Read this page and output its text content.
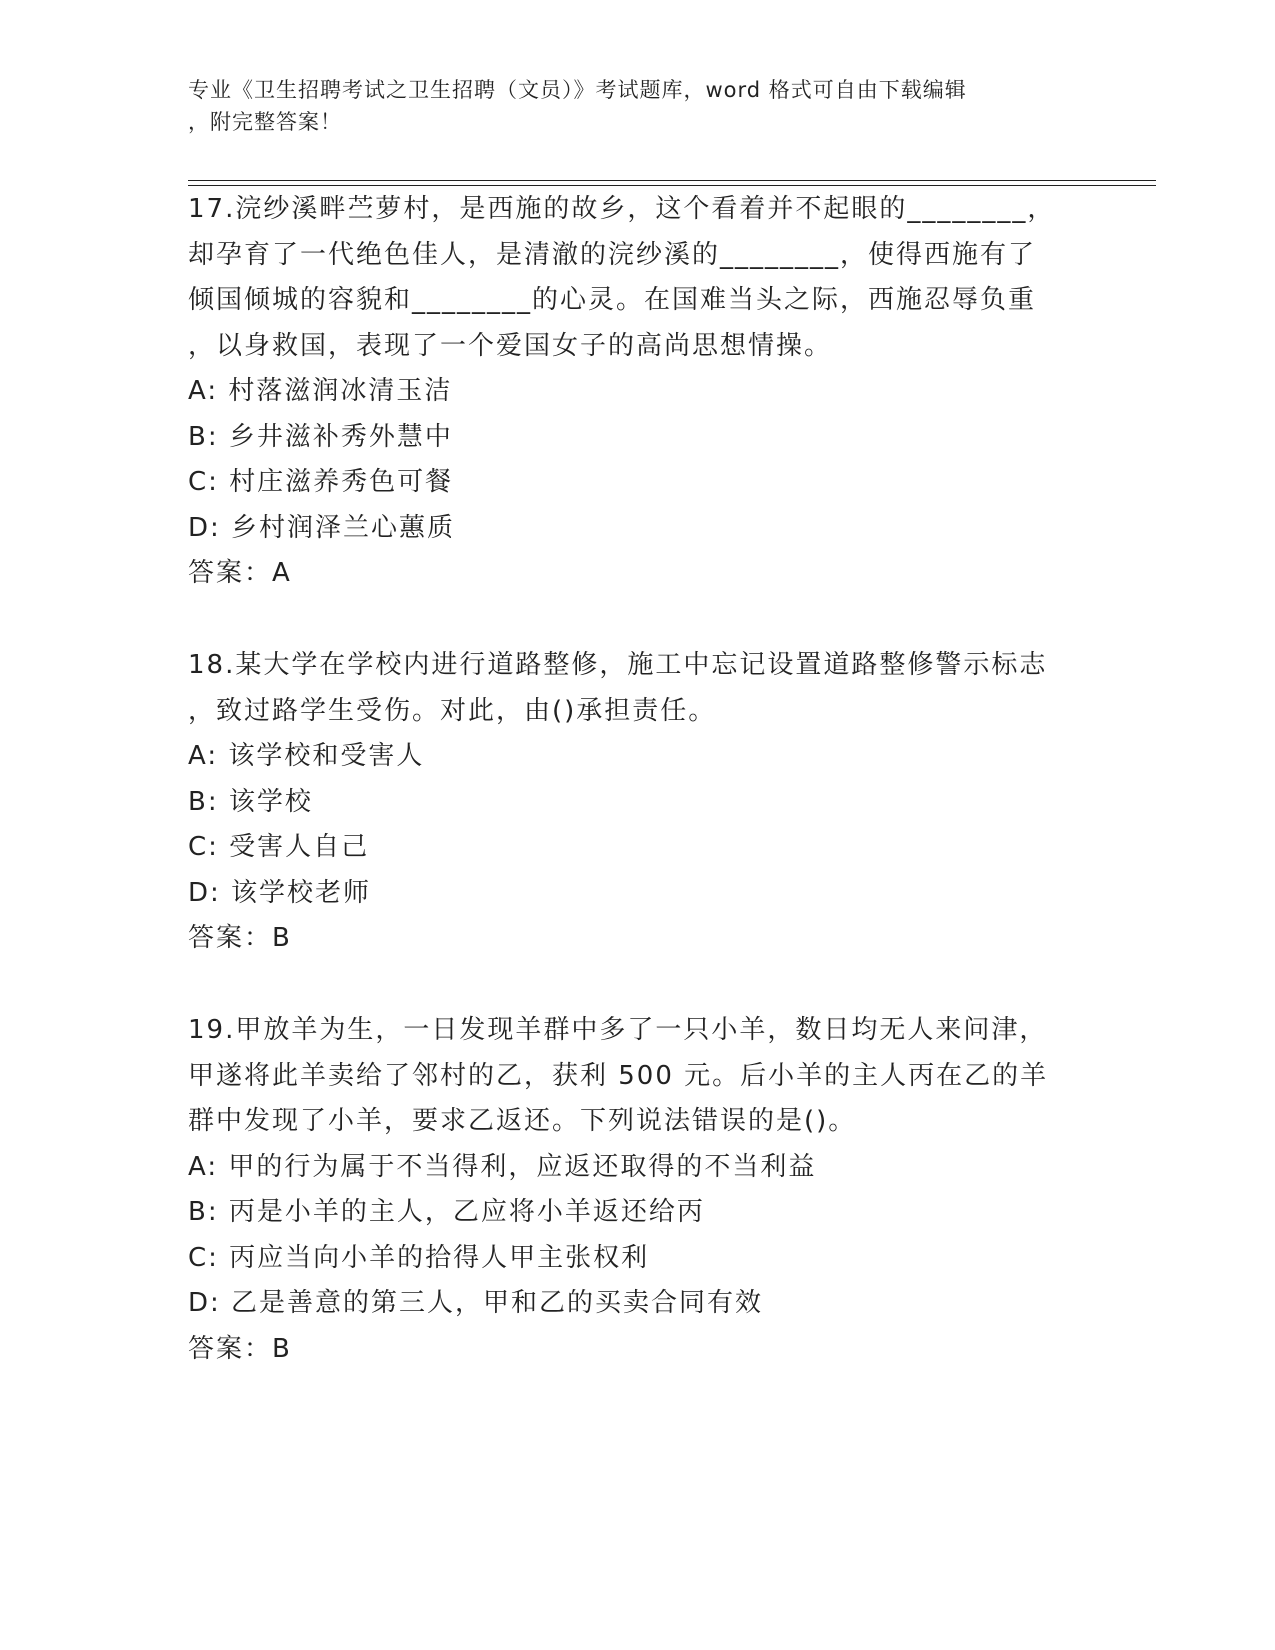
专业《卫生招聘考试之卫生招聘（文员）》考试题库，word 格式可自由下载编辑
，附完整答案！
17.浣纱溪畔苎萝村，是西施的故乡，这个看着并不起眼的________，
却孕育了一代绝色佳人，是清澈的浣纱溪的________，使得西施有了
倾国倾城的容貌和________的心灵。在国难当头之际，西施忍辱负重
，以身救国，表现了一个爱国女子的高尚思想情操。
A: 村落滋润冰清玉洁
B: 乡井滋补秀外慧中
C: 村庄滋养秀色可餐
D: 乡村润泽兰心蕙质
答案：A
18.某大学在学校内进行道路整修，施工中忘记设置道路整修警示标志
，致过路学生受伤。对此，由()承担责任。
A: 该学校和受害人
B: 该学校
C: 受害人自己
D: 该学校老师
答案：B
19.甲放羊为生，一日发现羊群中多了一只小羊，数日均无人来问津，
甲遂将此羊卖给了邻村的乙，获利 500 元。后小羊的主人丙在乙的羊
群中发现了小羊，要求乙返还。下列说法错误的是()。
A: 甲的行为属于不当得利，应返还取得的不当利益
B: 丙是小羊的主人，乙应将小羊返还给丙
C: 丙应当向小羊的拾得人甲主张权利
D: 乙是善意的第三人，甲和乙的买卖合同有效
答案：B
